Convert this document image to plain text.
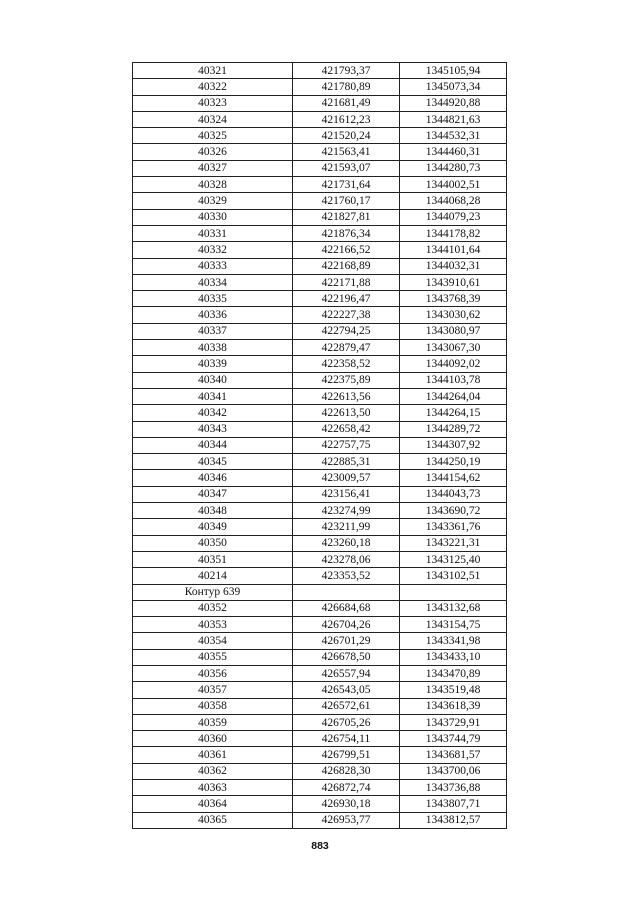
40321	421793,37	1345105,94
40322	421780,89	1345073,34
40323	421681,49	1344920,88
40324	421612,23	1344821,63
40325	421520,24	1344532,31
40326	421563,41	1344460,31
40327	421593,07	1344280,73
40328	421731,64	1344002,51
40329	421760,17	1344068,28
40330	421827,81	1344079,23
40331	421876,34	1344178,82
40332	422166,52	1344101,64
40333	422168,89	1344032,31
40334	422171,88	1343910,61
40335	422196,47	1343768,39
40336	422227,38	1343030,62
40337	422794,25	1343080,97
40338	422879,47	1343067,30
40339	422358,52	1344092,02
40340	422375,89	1344103,78
40341	422613,56	1344264,04
40342	422613,50	1344264,15
40343	422658,42	1344289,72
40344	422757,75	1344307,92
40345	422885,31	1344250,19
40346	423009,57	1344154,62
40347	423156,41	1344043,73
40348	423274,99	1343690,72
40349	423211,99	1343361,76
40350	423260,18	1343221,31
40351	423278,06	1343125,40
40214	423353,52	1343102,51
Контур 639		
40352	426684,68	1343132,68
40353	426704,26	1343154,75
40354	426701,29	1343341,98
40355	426678,50	1343433,10
40356	426557,94	1343470,89
40357	426543,05	1343519,48
40358	426572,61	1343618,39
40359	426705,26	1343729,91
40360	426754,11	1343744,79
40361	426799,51	1343681,57
40362	426828,30	1343700,06
40363	426872,74	1343736,88
40364	426930,18	1343807,71
40365	426953,77	1343812,57
883
